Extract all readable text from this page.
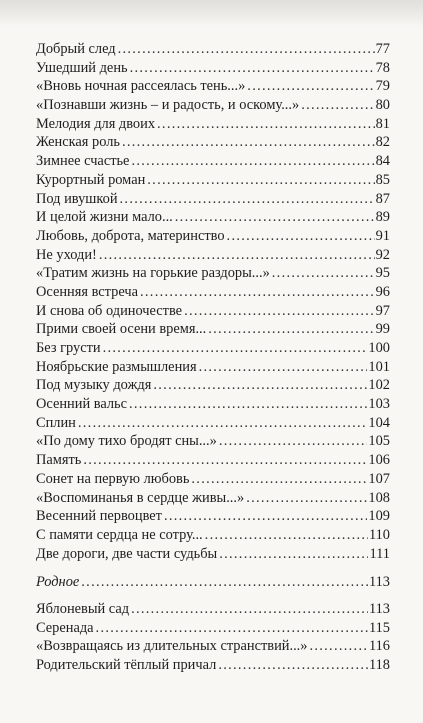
Добрый след .....	77
Ушедший день .....	78
«Вновь ночная рассеялась тень...» .....	79
«Познавши жизнь – и радость, и оскому...» .....	80
Мелодия для двоих .....	81
Женская роль .....	82
Зимнее счастье .....	84
Курортный роман .....	85
Под ивушкой .....	87
И целой жизни мало... .....	89
Любовь, доброта, материнство .....	91
Не уходи! .....	92
«Тратим жизнь на горькие раздоры...» .....	95
Осенняя встреча .....	96
И снова об одиночестве .....	97
Прими своей осени время... .....	99
Без грусти .....	100
Ноябрьские размышления .....	101
Под музыку дождя .....	102
Осенний вальс .....	103
Сплин .....	104
«По дому тихо бродят сны...» .....	105
Память .....	106
Сонет на первую любовь .....	107
«Воспоминанья в сердце живы...» .....	108
Весенний первоцвет .....	109
С памяти сердца не сотру... .....	110
Две дороги, две части судьбы .....	111
Родное .....	113
Яблоневый сад .....	113
Серенада .....	115
«Возвращаясь из длительных странствий...» .....	116
Родительский тёплый причал .....	118
